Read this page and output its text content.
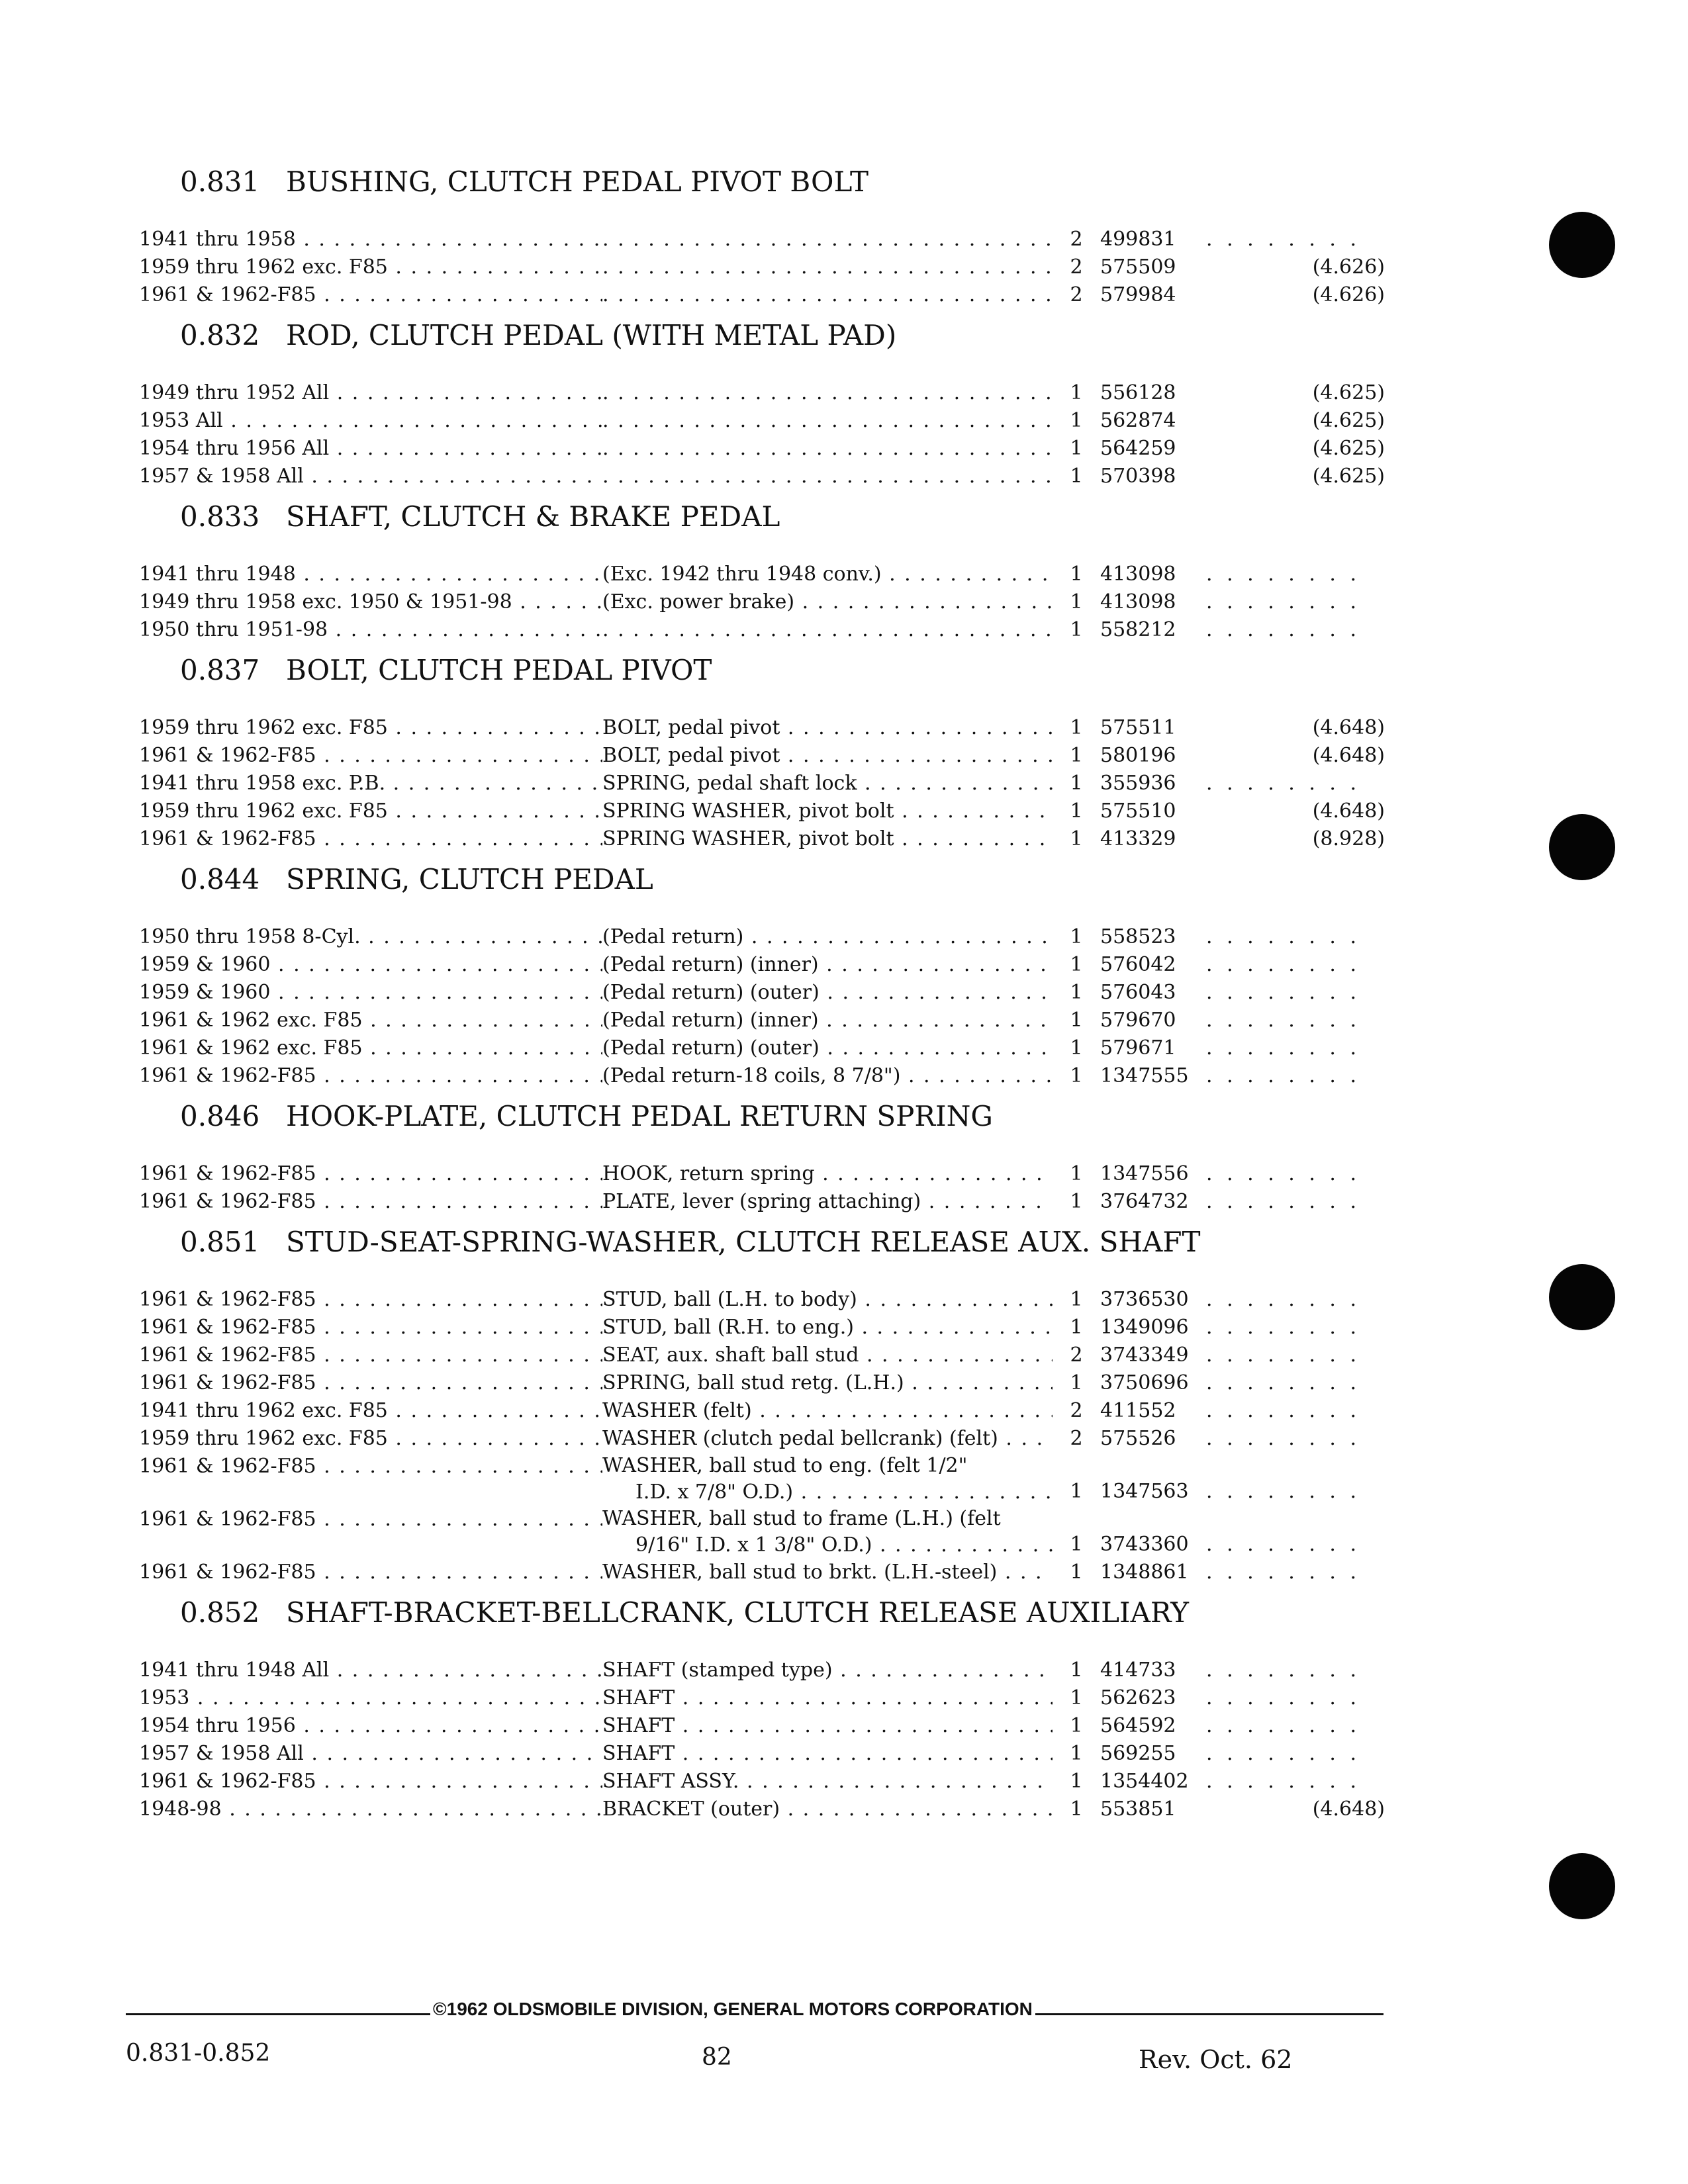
0.831 BUSHING, CLUTCH PEDAL PIVOT BOLT
1941 thru 1958 . . . . . .	2 499831	. . . . . . . .
1959 thru 1962 exc. F85 . . . . . .	2 575509	(4.626)
1961 & 1962-F85 . . . . . .	2 579984	(4.626)
0.832 ROD, CLUTCH PEDAL (WITH METAL PAD)
1949 thru 1952 All . . . . . .	1 556128	(4.625)
1953 All . . . . . .	1 562874	(4.625)
1954 thru 1956 All . . . . . .	1 564259	(4.625)
1957 & 1958 All . . . . . .	1 570398	(4.625)
0.833 SHAFT, CLUTCH & BRAKE PEDAL
1941 thru 1948 . . .	(Exc. 1942 thru 1948 conv.) . . .	1 413098	. . . . . . . .
1949 thru 1958 exc. 1950 & 1951-98 . . .	(Exc. power brake) . . .	1 413098	. . . . . . . .
1950 thru 1951-98 . . . . . .	1 558212	. . . . . . . .
0.837 BOLT, CLUTCH PEDAL PIVOT
1959 thru 1962 exc. F85 . . .	BOLT, pedal pivot . . .	1 575511	(4.648)
1961 & 1962-F85 . . .	BOLT, pedal pivot . . .	1 580196	(4.648)
1941 thru 1958 exc. P.B. . . .	SPRING, pedal shaft lock . . .	1 355936	. . . . . . . .
1959 thru 1962 exc. F85 . . .	SPRING WASHER, pivot bolt . . .	1 575510	(4.648)
1961 & 1962-F85 . . .	SPRING WASHER, pivot bolt . . .	1 413329	(8.928)
0.844 SPRING, CLUTCH PEDAL
1950 thru 1958 8-Cyl. . . .	(Pedal return) . . .	1 558523	. . . . . . . .
1959 & 1960 . . .	(Pedal return) (inner) . . .	1 576042	. . . . . . . .
1959 & 1960 . . .	(Pedal return) (outer) . . .	1 576043	. . . . . . . .
1961 & 1962 exc. F85 . . .	(Pedal return) (inner) . . .	1 579670	. . . . . . . .
1961 & 1962 exc. F85 . . .	(Pedal return) (outer) . . .	1 579671	. . . . . . . .
1961 & 1962-F85 . . .	(Pedal return-18 coils, 8 7/8") . . .	1 1347555 . . . . . . . .
0.846 HOOK-PLATE, CLUTCH PEDAL RETURN SPRING
1961 & 1962-F85 . . .	HOOK, return spring . . .	1 1347556 . . . . . . . .
1961 & 1962-F85 . . .	PLATE, lever (spring attaching) . . .	1 3764732 . . . . . . . .
0.851 STUD-SEAT-SPRING-WASHER, CLUTCH RELEASE AUX. SHAFT
1961 & 1962-F85 . . .	STUD, ball (L.H. to body) . . .	1 3736530 . . . . . . . .
1961 & 1962-F85 . . .	STUD, ball (R.H. to eng.) . . .	1 1349096 . . . . . . . .
1961 & 1962-F85 . . .	SEAT, aux. shaft ball stud . . .	2 3743349 . . . . . . . .
1961 & 1962-F85 . . .	SPRING, ball stud retg. (L.H.) . . .	1 3750696 . . . . . . . .
1941 thru 1962 exc. F85 . . .	WASHER (felt) . . .	2 411552	. . . . . . . .
1959 thru 1962 exc. F85 . . .	WASHER (clutch pedal bellcrank) (felt) . . .	2 575526	. . . . . . . .
1961 & 1962-F85 . . .	WASHER, ball stud to eng. (felt 1/2"
I.D. x 7/8" O.D.) . . .	1 1347563 . . . . . . . .
1961 & 1962-F85 . . .	WASHER, ball stud to frame (L.H.) (felt
9/16" I.D. x 1 3/8" O.D.) . . .	1 3743360 . . . . . . . .
1961 & 1962-F85 . . .	WASHER, ball stud to brkt. (L.H.-steel) . . .	1 1348861 . . . . . . . .
0.852 SHAFT-BRACKET-BELLCRANK, CLUTCH RELEASE AUXILIARY
1941 thru 1948 All . . .	SHAFT (stamped type) . . .	1 414733	. . . . . . . .
1953 . . .	SHAFT . . .	1 562623	. . . . . . . .
1954 thru 1956 . . .	SHAFT . . .	1 564592	. . . . . . . .
1957 & 1958 All . . .	SHAFT . . .	1 569255	. . . . . . . .
1961 & 1962-F85 . . .	SHAFT ASSY. . . .	1 1354402 . . . . . . . .
1948-98 . . .	BRACKET (outer) . . .	1 553851	(4.648)
©1962 OLDSMOBILE DIVISION, GENERAL MOTORS CORPORATION
0.831-0.852	82	Rev. Oct. 62
